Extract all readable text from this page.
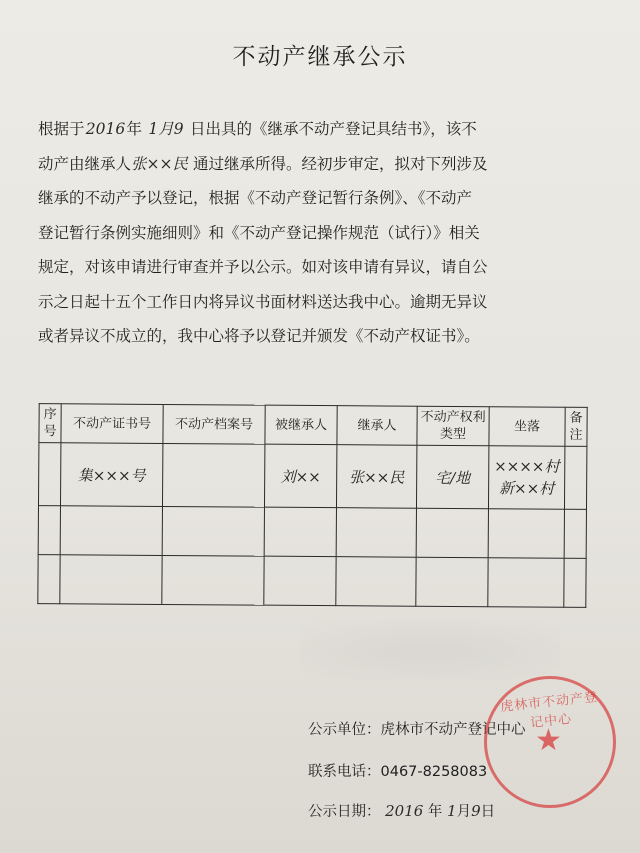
不动产继承公示
根据于2016年 1月9 日出具的《继承不动产登记具结书》，该不
动产由继承人张××民 通过继承所得。经初步审定，拟对下列涉及
继承的不动产予以登记，根据《不动产登记暂行条例》、《不动产
登记暂行条例实施细则》和《不动产登记操作规范（试行）》相关
规定，对该申请进行审查并予以公示。如对该申请有异议，请自公
示之日起十五个工作日内将异议书面材料送达我中心。逾期无异议
或者异议不成立的，我中心将予以登记并颁发《不动产权证书》。
序号	不动产证书号	不动产档案号	被继承人	继承人	不动产权利类型	坐落	备注
	集×××号		刘××	张××民	宅/地	××××村
新××村	

公示单位：虎林市不动产登记中心
联系电话：0467-8258083
公示日期： 2016 年 1月9日
虎林市不动产登记中心
★
